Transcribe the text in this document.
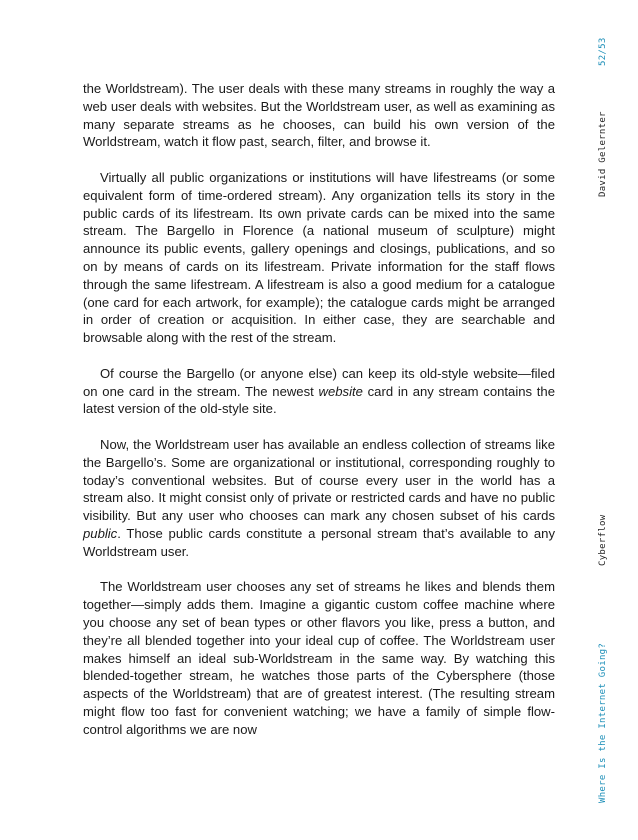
the Worldstream). The user deals with these many streams in roughly the way a web user deals with websites. But the Worldstream user, as well as examining as many separate streams as he chooses, can build his own version of the Worldstream, watch it flow past, search, filter, and browse it.

Virtually all public organizations or institutions will have lifestreams (or some equivalent form of time-ordered stream). Any organization tells its story in the public cards of its lifestream. Its own private cards can be mixed into the same stream. The Bargello in Florence (a national museum of sculpture) might announce its public events, gallery openings and closings, publications, and so on by means of cards on its lifestream. Private information for the staff flows through the same lifestream. A lifestream is also a good medium for a catalogue (one card for each artwork, for example); the catalogue cards might be arranged in order of creation or acquisition. In either case, they are searchable and browsable along with the rest of the stream.

Of course the Bargello (or anyone else) can keep its old-style website—filed on one card in the stream. The newest website card in any stream contains the latest version of the old-style site.

Now, the Worldstream user has available an endless collection of streams like the Bargello’s. Some are organizational or institutional, corresponding roughly to today’s conventional websites. But of course every user in the world has a stream also. It might consist only of private or restricted cards and have no public visibility. But any user who chooses can mark any chosen subset of his cards public. Those public cards constitute a personal stream that’s available to any Worldstream user.

The Worldstream user chooses any set of streams he likes and blends them together—simply adds them. Imagine a gigantic custom coffee machine where you choose any set of bean types or other flavors you like, press a button, and they’re all blended together into your ideal cup of coffee. The Worldstream user makes himself an ideal sub-Worldstream in the same way. By watching this blended-together stream, he watches those parts of the Cybersphere (those aspects of the Worldstream) that are of greatest interest. (The resulting stream might flow too fast for convenient watching; we have a family of simple flow-control algorithms we are now

52/53
David Gelernter
Cyberflow
Where Is the Internet Going?
